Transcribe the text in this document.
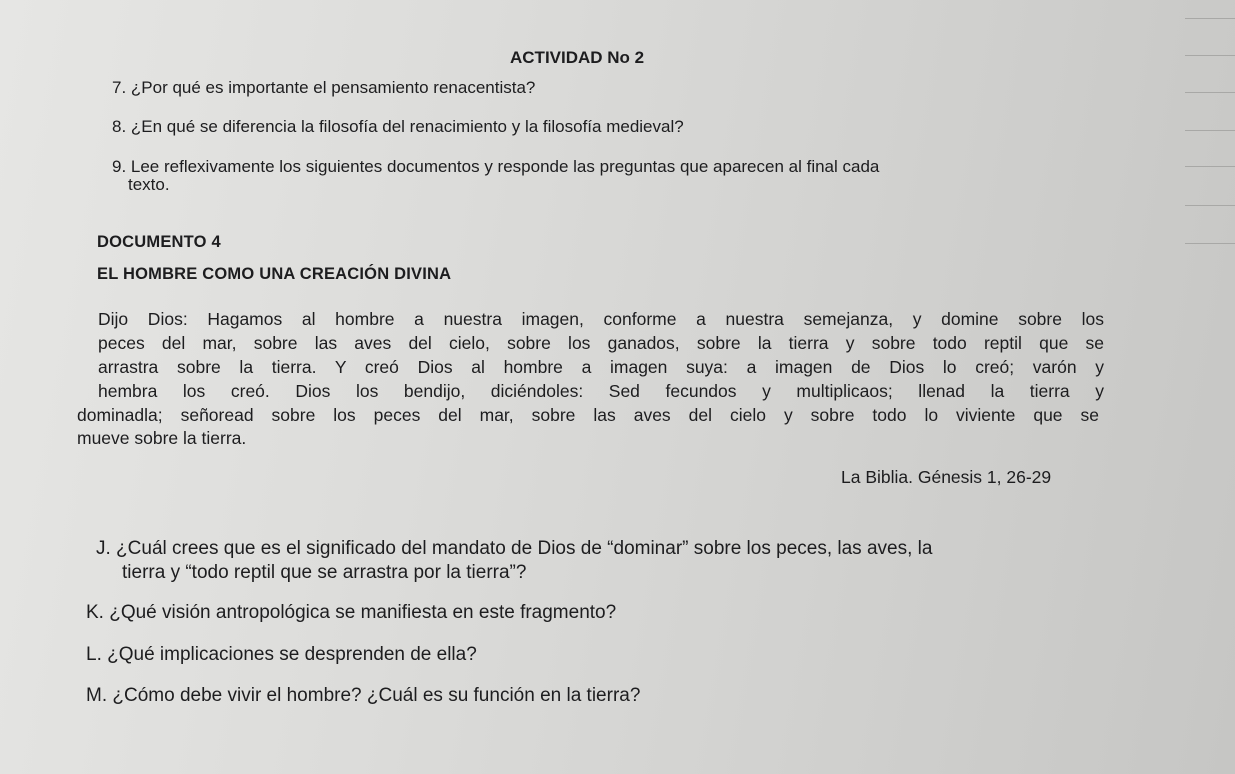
ACTIVIDAD No 2

7. ¿Por qué es importante el pensamiento renacentista?

8. ¿En qué se diferencia la filosofía del renacimiento y la filosofía medieval?

9. Lee reflexivamente los siguientes documentos y responde las preguntas que aparecen al final cada

texto.

DOCUMENTO 4

EL HOMBRE COMO UNA CREACIÓN DIVINA

Dijo Dios: Hagamos al hombre a nuestra imagen, conforme a nuestra semejanza, y domine sobre los

peces del mar, sobre las aves del cielo, sobre los ganados, sobre la tierra y sobre todo reptil que se

arrastra sobre la tierra. Y creó Dios al hombre a imagen suya: a imagen de Dios lo creó; varón y

hembra los creó. Dios los bendijo, diciéndoles: Sed fecundos y multiplicaos; llenad la tierra y

dominadla; señoread sobre los peces del mar, sobre las aves del cielo y sobre todo lo viviente que se

mueve sobre la tierra.

La Biblia. Génesis 1, 26-29

J. ¿Cuál crees que es el significado del mandato de Dios de “dominar” sobre los peces, las aves, la

tierra y “todo reptil que se arrastra por la tierra”?

K. ¿Qué visión antropológica se manifiesta en este fragmento?

L. ¿Qué implicaciones se desprenden de ella?

M. ¿Cómo debe vivir el hombre? ¿Cuál es su función en la tierra?
